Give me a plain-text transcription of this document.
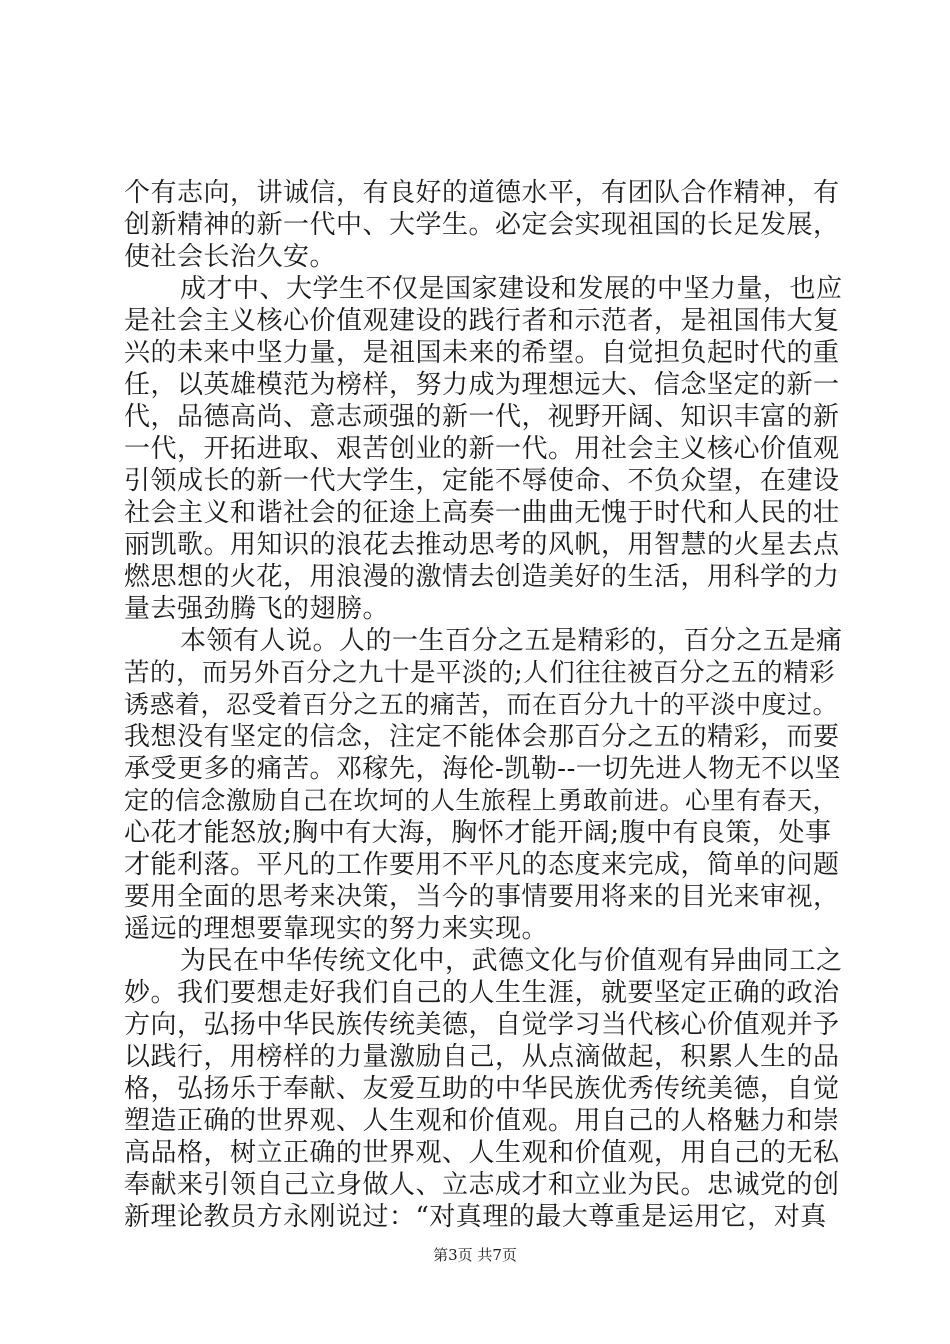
个有志向，讲诚信，有良好的道德水平，有团队合作精神，有
创新精神的新一代中、大学生。必定会实现祖国的长足发展，
使社会长治久安。
成才中、大学生不仅是国家建设和发展的中坚力量，也应
是社会主义核心价值观建设的践行者和示范者，是祖国伟大复
兴的未来中坚力量，是祖国未来的希望。自觉担负起时代的重
任，以英雄模范为榜样，努力成为理想远大、信念坚定的新一
代，品德高尚、意志顽强的新一代，视野开阔、知识丰富的新
一代，开拓进取、艰苦创业的新一代。用社会主义核心价值观
引领成长的新一代大学生，定能不辱使命、不负众望，在建设
社会主义和谐社会的征途上高奏一曲曲无愧于时代和人民的壮
丽凯歌。用知识的浪花去推动思考的风帆，用智慧的火星去点
燃思想的火花，用浪漫的激情去创造美好的生活，用科学的力
量去强劲腾飞的翅膀。
本领有人说。人的一生百分之五是精彩的，百分之五是痛
苦的，而另外百分之九十是平淡的;人们往往被百分之五的精彩
诱惑着，忍受着百分之五的痛苦，而在百分九十的平淡中度过。
我想没有坚定的信念，注定不能体会那百分之五的精彩，而要
承受更多的痛苦。邓稼先，海伦-凯勒--一切先进人物无不以坚
定的信念激励自己在坎坷的人生旅程上勇敢前进。心里有春天，
心花才能怒放;胸中有大海，胸怀才能开阔;腹中有良策，处事
才能利落。平凡的工作要用不平凡的态度来完成，简单的问题
要用全面的思考来决策，当今的事情要用将来的目光来审视，
遥远的理想要靠现实的努力来实现。
为民在中华传统文化中，武德文化与价值观有异曲同工之
妙。我们要想走好我们自己的人生生涯，就要坚定正确的政治
方向，弘扬中华民族传统美德，自觉学习当代核心价值观并予
以践行，用榜样的力量激励自己，从点滴做起，积累人生的品
格，弘扬乐于奉献、友爱互助的中华民族优秀传统美德，自觉
塑造正确的世界观、人生观和价值观。用自己的人格魅力和崇
高品格，树立正确的世界观、人生观和价值观，用自己的无私
奉献来引领自己立身做人、立志成才和立业为民。忠诚党的创
新理论教员方永刚说过：“对真理的最大尊重是运用它，对真
第3页 共7页
